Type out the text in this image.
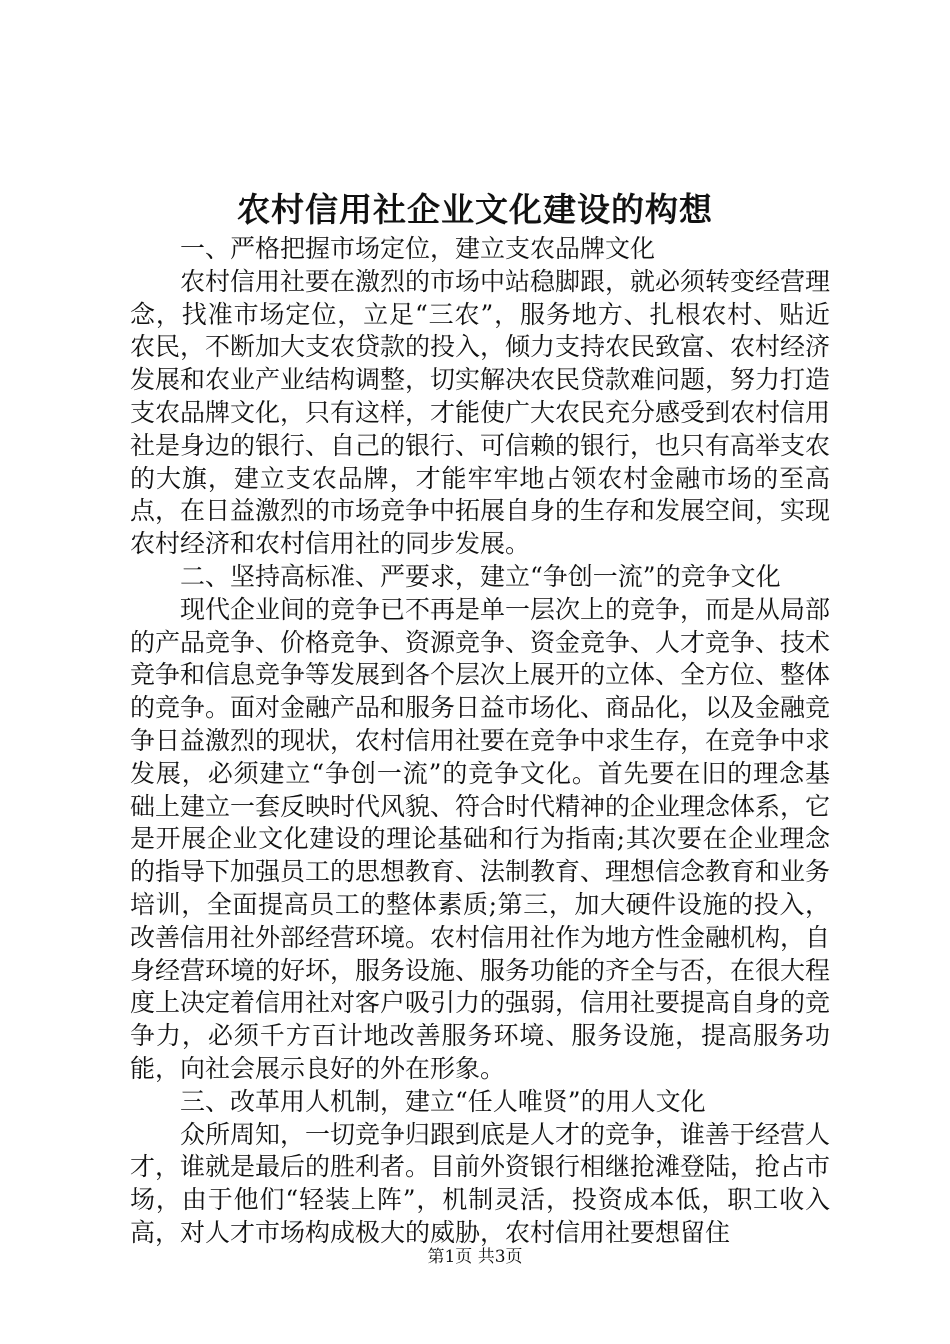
农村信用社企业文化建设的构想

一、严格把握市场定位，建立支农品牌文化

农村信用社要在激烈的市场中站稳脚跟，就必须转变经营理念，找准市场定位，立足“三农”，服务地方、扎根农村、贴近农民，不断加大支农贷款的投入，倾力支持农民致富、农村经济发展和农业产业结构调整，切实解决农民贷款难问题，努力打造支农品牌文化，只有这样，才能使广大农民充分感受到农村信用社是身边的银行、自己的银行、可信赖的银行，也只有高举支农的大旗，建立支农品牌，才能牢牢地占领农村金融市场的至高点，在日益激烈的市场竞争中拓展自身的生存和发展空间，实现农村经济和农村信用社的同步发展。

二、坚持高标准、严要求，建立“争创一流”的竞争文化

现代企业间的竞争已不再是单一层次上的竞争，而是从局部的产品竞争、价格竞争、资源竞争、资金竞争、人才竞争、技术竞争和信息竞争等发展到各个层次上展开的立体、全方位、整体的竞争。面对金融产品和服务日益市场化、商品化，以及金融竞争日益激烈的现状，农村信用社要在竞争中求生存，在竞争中求发展，必须建立“争创一流”的竞争文化。首先要在旧的理念基础上建立一套反映时代风貌、符合时代精神的企业理念体系，它是开展企业文化建设的理论基础和行为指南;其次要在企业理念的指导下加强员工的思想教育、法制教育、理想信念教育和业务培训，全面提高员工的整体素质;第三，加大硬件设施的投入，改善信用社外部经营环境。农村信用社作为地方性金融机构，自身经营环境的好坏，服务设施、服务功能的齐全与否，在很大程度上决定着信用社对客户吸引力的强弱，信用社要提高自身的竞争力，必须千方百计地改善服务环境、服务设施，提高服务功能，向社会展示良好的外在形象。

三、改革用人机制，建立“任人唯贤”的用人文化

众所周知，一切竞争归跟到底是人才的竞争，谁善于经营人才，谁就是最后的胜利者。目前外资银行相继抢滩登陆，抢占市场，由于他们“轻装上阵”，机制灵活，投资成本低，职工收入高，对人才市场构成极大的威胁，农村信用社要想留住

第1页 共3页
